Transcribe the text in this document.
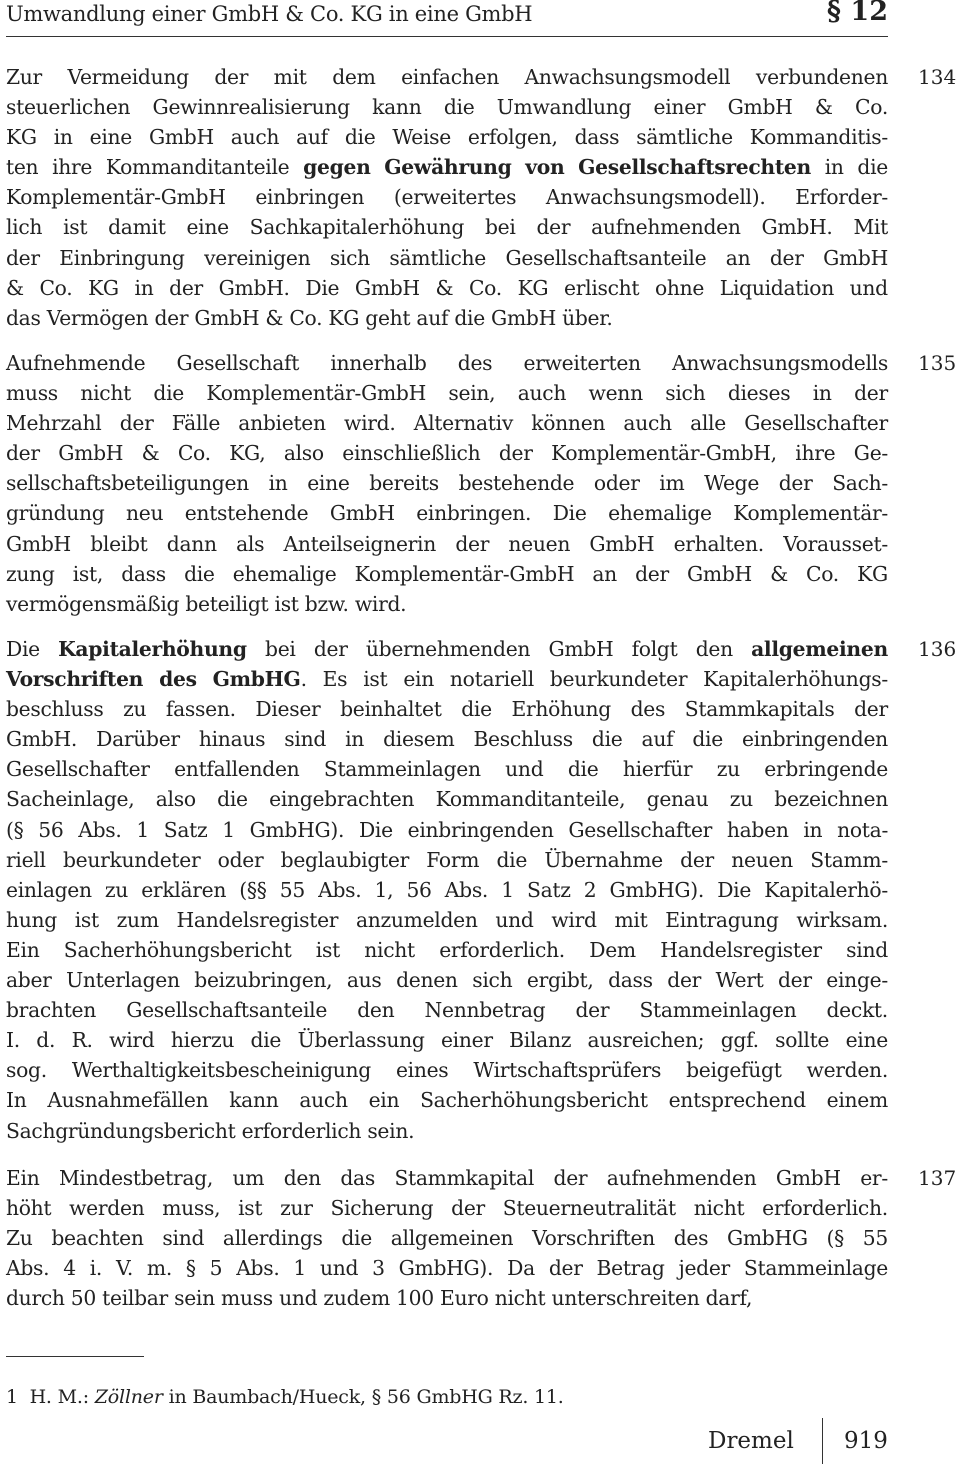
Umwandlung einer GmbH & Co. KG in eine GmbH	§ 12
134
Zur Vermeidung der mit dem einfachen Anwachsungsmodell verbundenen
steuerlichen Gewinnrealisierung kann die Umwandlung einer GmbH & Co.
KG in eine GmbH auch auf die Weise erfolgen, dass sämtliche Kommanditis-
ten ihre Kommanditanteile gegen Gewährung von Gesellschaftsrechten in die
Komplementär-GmbH einbringen (erweitertes Anwachsungsmodell). Erforder-
lich ist damit eine Sachkapitalerhöhung bei der aufnehmenden GmbH. Mit
der Einbringung vereinigen sich sämtliche Gesellschaftsanteile an der GmbH
& Co. KG in der GmbH. Die GmbH & Co. KG erlischt ohne Liquidation und
das Vermögen der GmbH & Co. KG geht auf die GmbH über.
135
Aufnehmende Gesellschaft innerhalb des erweiterten Anwachsungsmodells
muss nicht die Komplementär-GmbH sein, auch wenn sich dieses in der
Mehrzahl der Fälle anbieten wird. Alternativ können auch alle Gesellschafter
der GmbH & Co. KG, also einschließlich der Komplementär-GmbH, ihre Ge-
sellschaftsbeteiligungen in eine bereits bestehende oder im Wege der Sach-
gründung neu entstehende GmbH einbringen. Die ehemalige Komplementär-
GmbH bleibt dann als Anteilseignerin der neuen GmbH erhalten. Vorausset-
zung ist, dass die ehemalige Komplementär-GmbH an der GmbH & Co. KG
vermögensmäßig beteiligt ist bzw. wird.
136
Die Kapitalerhöhung bei der übernehmenden GmbH folgt den allgemeinen
Vorschriften des GmbHG. Es ist ein notariell beurkundeter Kapitalerhöhungs-
beschluss zu fassen. Dieser beinhaltet die Erhöhung des Stammkapitals der
GmbH. Darüber hinaus sind in diesem Beschluss die auf die einbringenden
Gesellschafter entfallenden Stammeinlagen und die hierfür zu erbringende
Sacheinlage, also die eingebrachten Kommanditanteile, genau zu bezeichnen
(§ 56 Abs. 1 Satz 1 GmbHG). Die einbringenden Gesellschafter haben in nota-
riell beurkundeter oder beglaubigter Form die Übernahme der neuen Stamm-
einlagen zu erklären (§§ 55 Abs. 1, 56 Abs. 1 Satz 2 GmbHG). Die Kapitalerhö-
hung ist zum Handelsregister anzumelden und wird mit Eintragung wirksam.
Ein Sacherhöhungsbericht ist nicht erforderlich. Dem Handelsregister sind
aber Unterlagen beizubringen, aus denen sich ergibt, dass der Wert der einge-
brachten Gesellschaftsanteile den Nennbetrag der Stammeinlagen deckt.
I. d. R. wird hierzu die Überlassung einer Bilanz ausreichen; ggf. sollte eine
sog. Werthaltigkeitsbescheinigung eines Wirtschaftsprüfers beigefügt werden.
In Ausnahmefällen kann auch ein Sacherhöhungsbericht entsprechend einem
Sachgründungsbericht erforderlich sein.
137
Ein Mindestbetrag, um den das Stammkapital der aufnehmenden GmbH er-
höht werden muss, ist zur Sicherung der Steuerneutralität nicht erforderlich.
Zu beachten sind allerdings die allgemeinen Vorschriften des GmbHG (§ 55
Abs. 4 i. V. m. § 5 Abs. 1 und 3 GmbHG). Da der Betrag jeder Stammeinlage
durch 50 teilbar sein muss und zudem 100 Euro nicht unterschreiten darf,
1  H. M.: Zöllner in Baumbach/Hueck, § 56 GmbHG Rz. 11.
Dremel 919
